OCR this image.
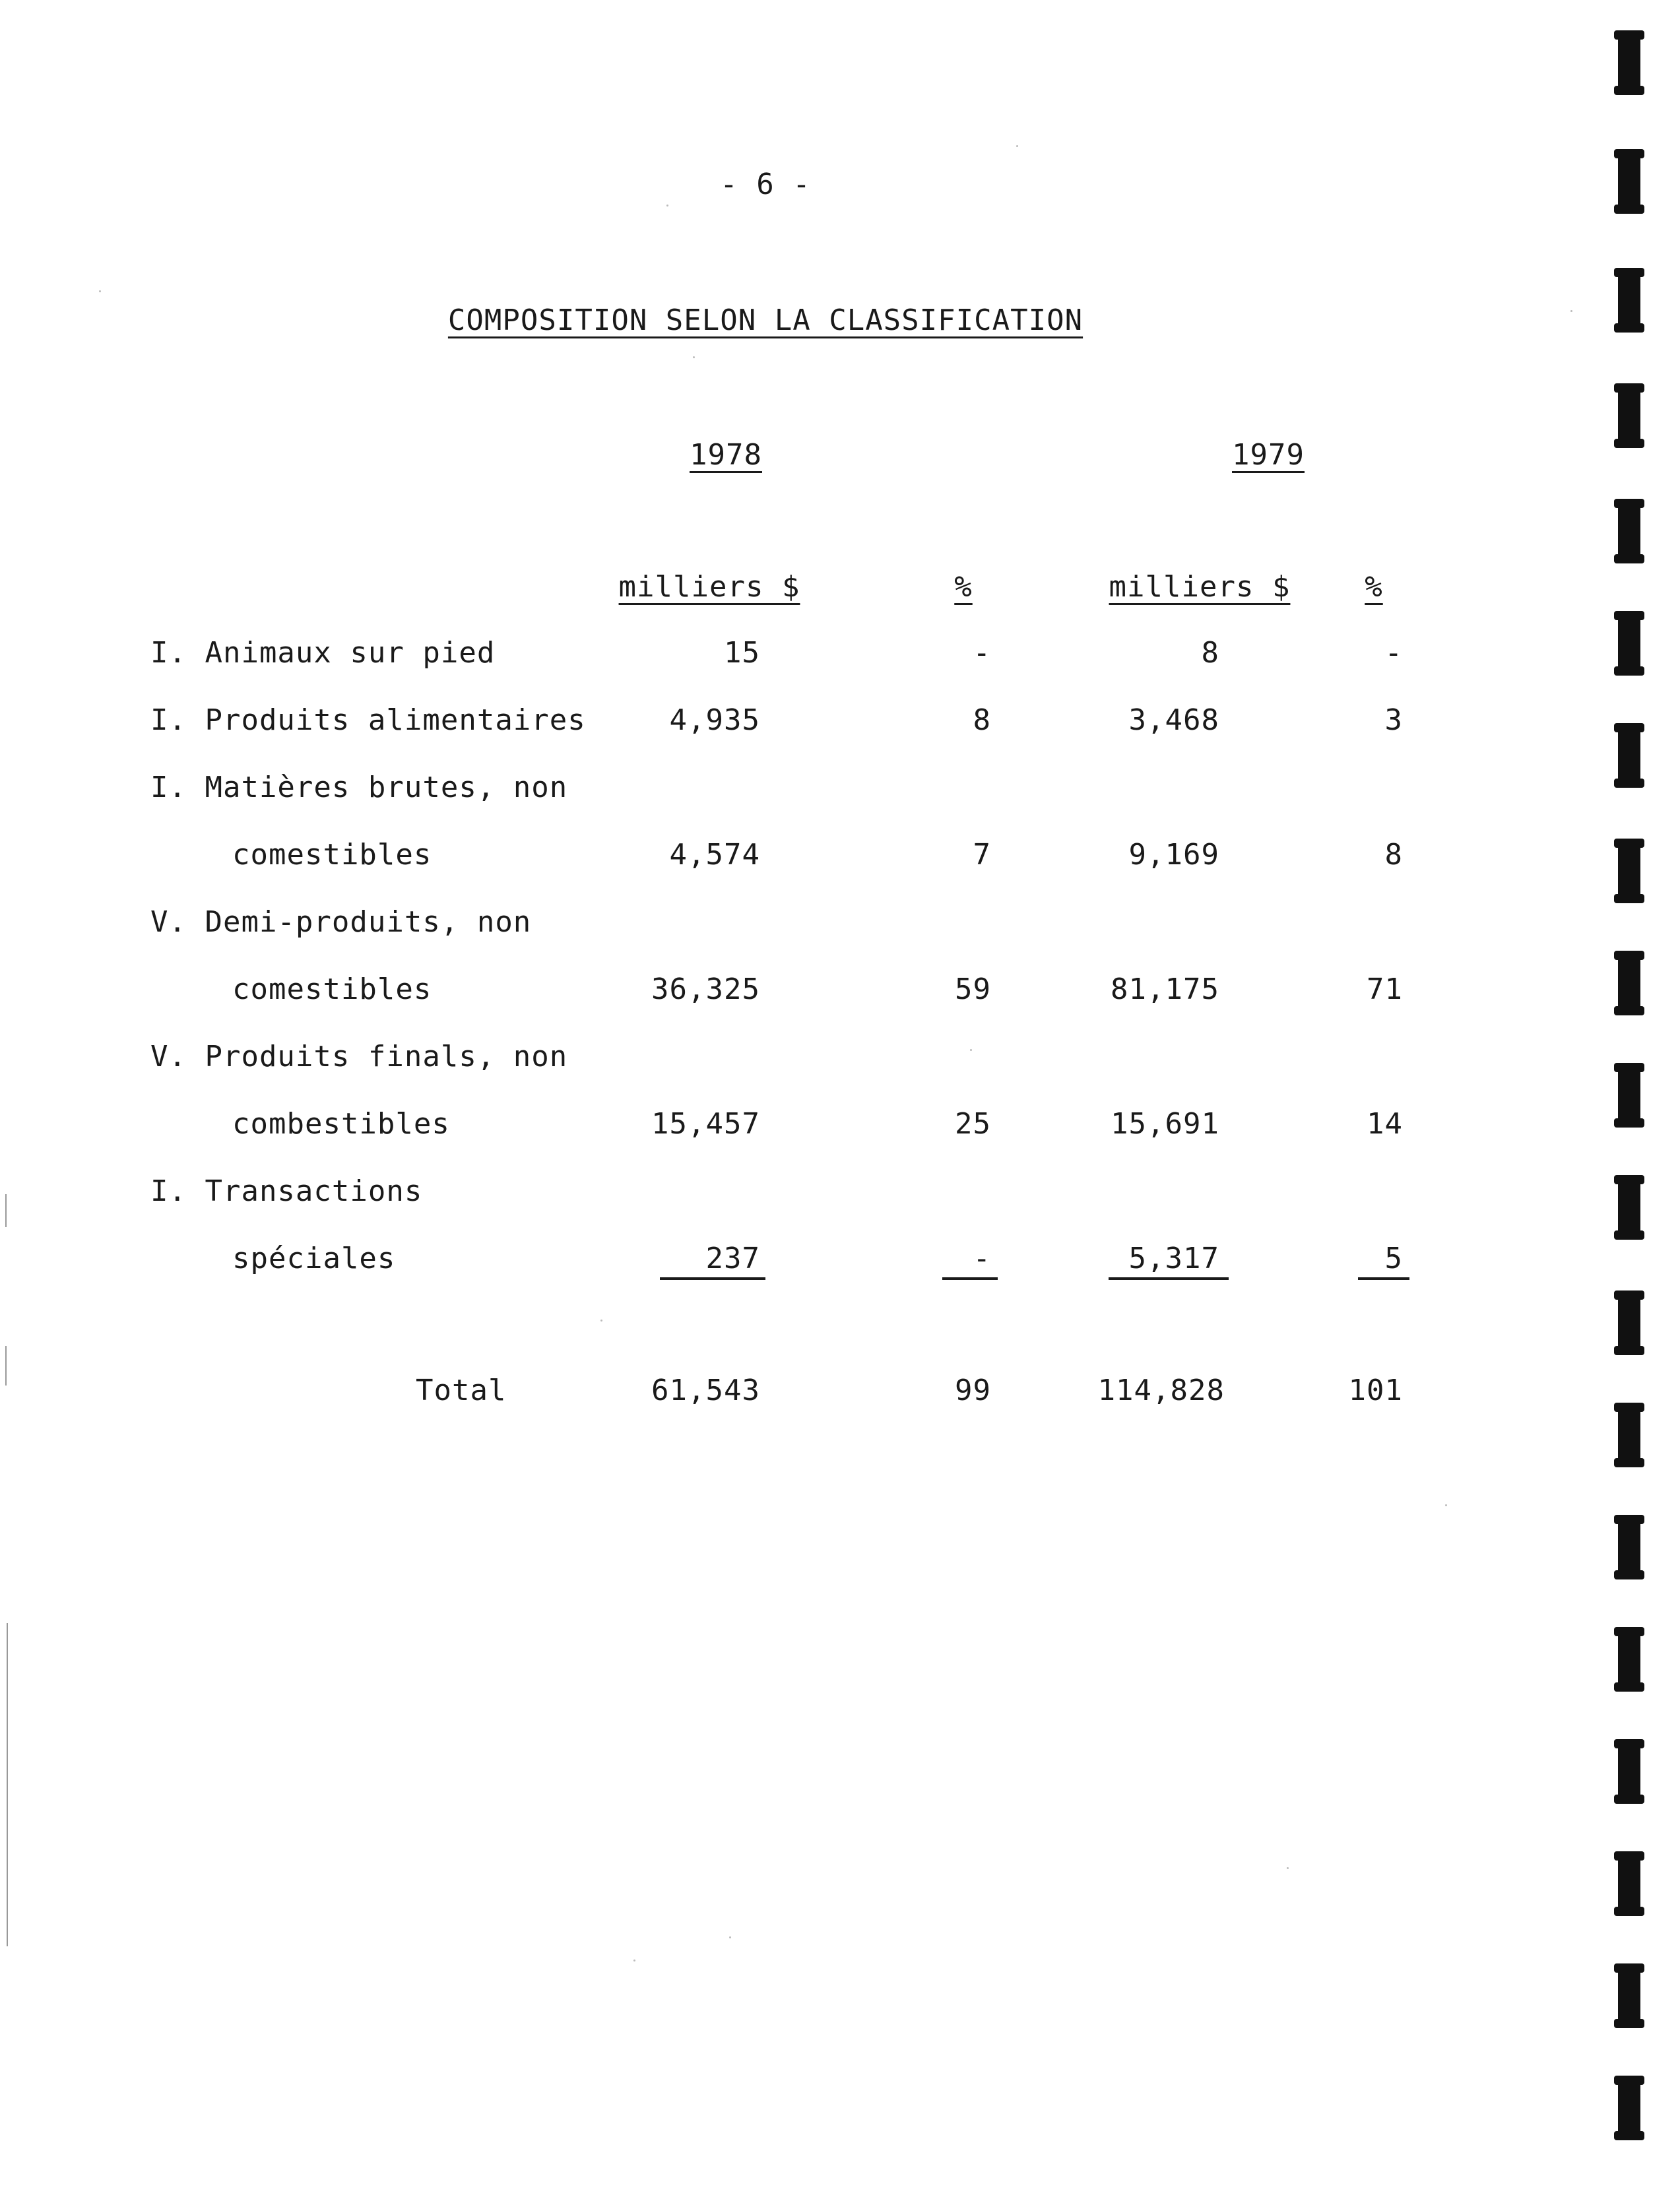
- 6 -
COMPOSITION SELON LA CLASSIFICATION
1978	1979
milliers $	%	milliers $	%
I. Animaux sur pied	15	-	8	-
I. Produits alimentaires	4,935	8	3,468	3
I. Matières brutes, non
comestibles	4,574	7	9,169	8
V. Demi-produits, non
comestibles	36,325	59	81,175	71
V. Produits finals, non
combestibles	15,457	25	15,691	14
I. Transactions
spéciales	237	-	5,317	5
Total	61,543	99	114,828	101
